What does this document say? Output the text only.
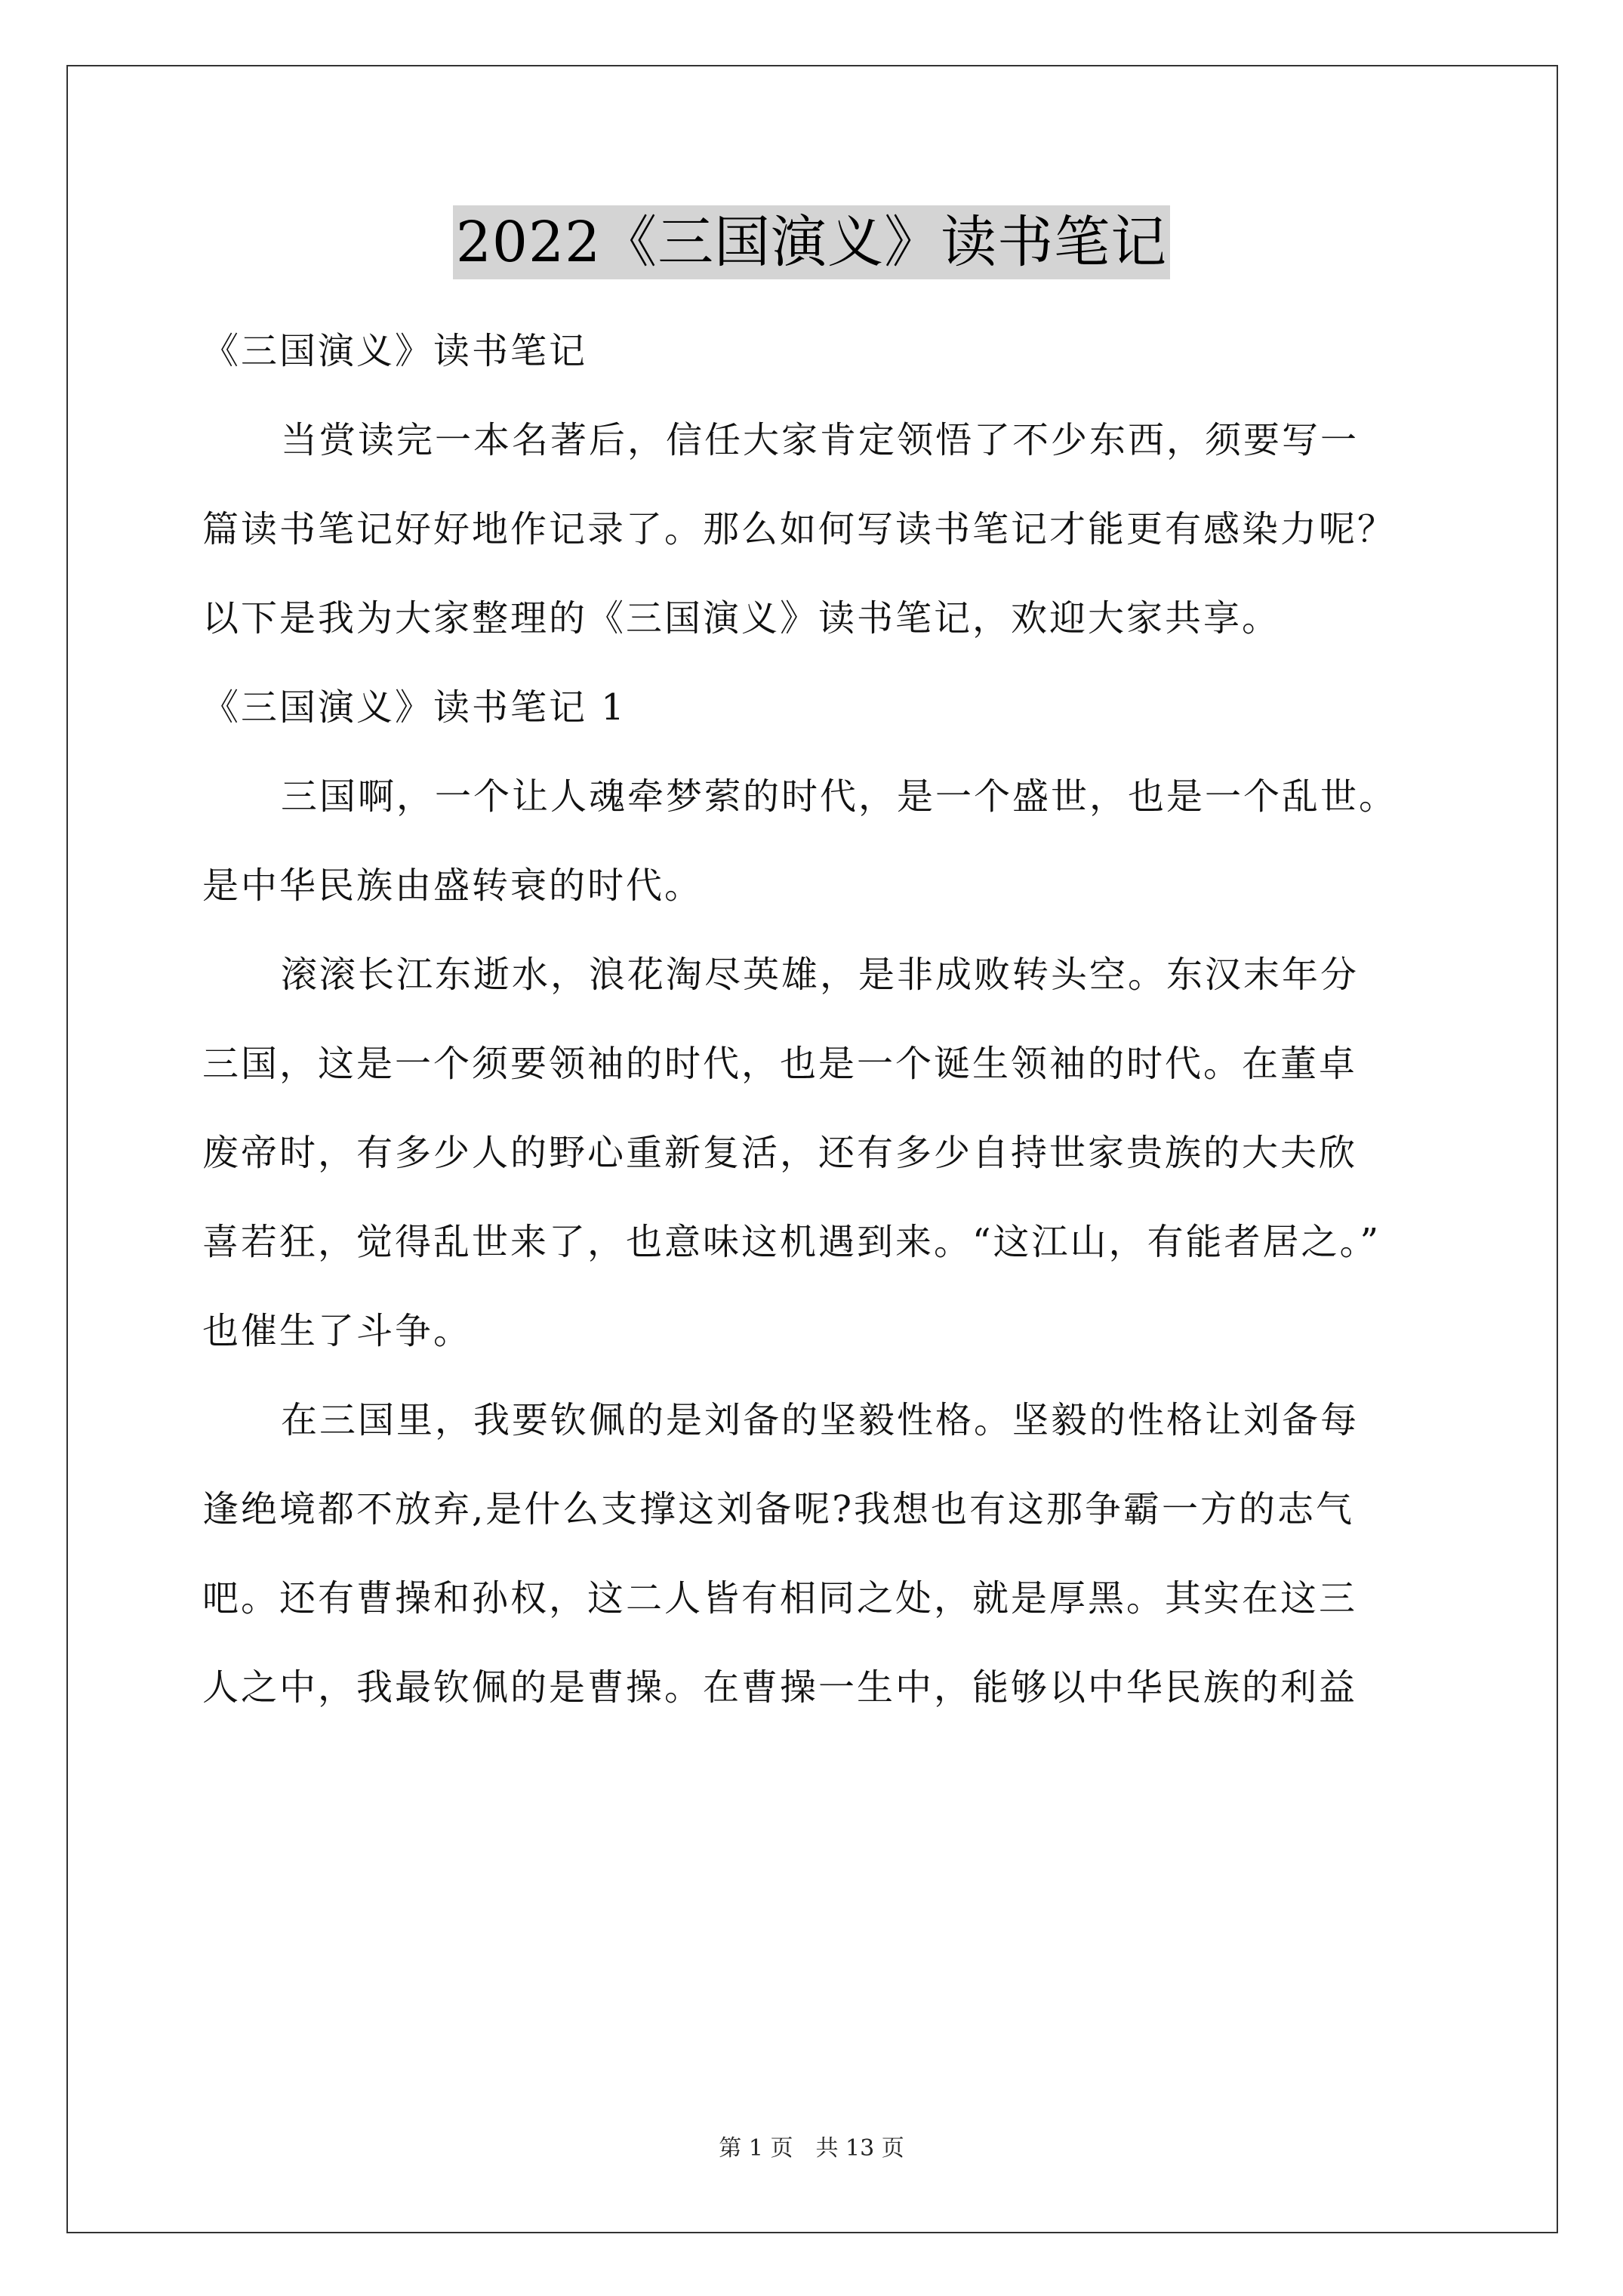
2022《三国演义》读书笔记
《三国演义》读书笔记
当赏读完一本名著后，信任大家肯定领悟了不少东西，须要写一
篇读书笔记好好地作记录了。那么如何写读书笔记才能更有感染力呢？
以下是我为大家整理的《三国演义》读书笔记，欢迎大家共享。
《三国演义》读书笔记 1
三国啊，一个让人魂牵梦萦的时代，是一个盛世，也是一个乱世。
是中华民族由盛转衰的时代。
滚滚长江东逝水，浪花淘尽英雄，是非成败转头空。东汉末年分
三国，这是一个须要领袖的时代，也是一个诞生领袖的时代。在董卓
废帝时，有多少人的野心重新复活，还有多少自持世家贵族的大夫欣
喜若狂，觉得乱世来了，也意味这机遇到来。“这江山，有能者居之。”
也催生了斗争。
在三国里，我要钦佩的是刘备的坚毅性格。坚毅的性格让刘备每
逢绝境都不放弃,是什么支撑这刘备呢?我想也有这那争霸一方的志气
吧。还有曹操和孙权，这二人皆有相同之处，就是厚黑。其实在这三
人之中，我最钦佩的是曹操。在曹操一生中，能够以中华民族的利益
第 1 页 共 13 页
